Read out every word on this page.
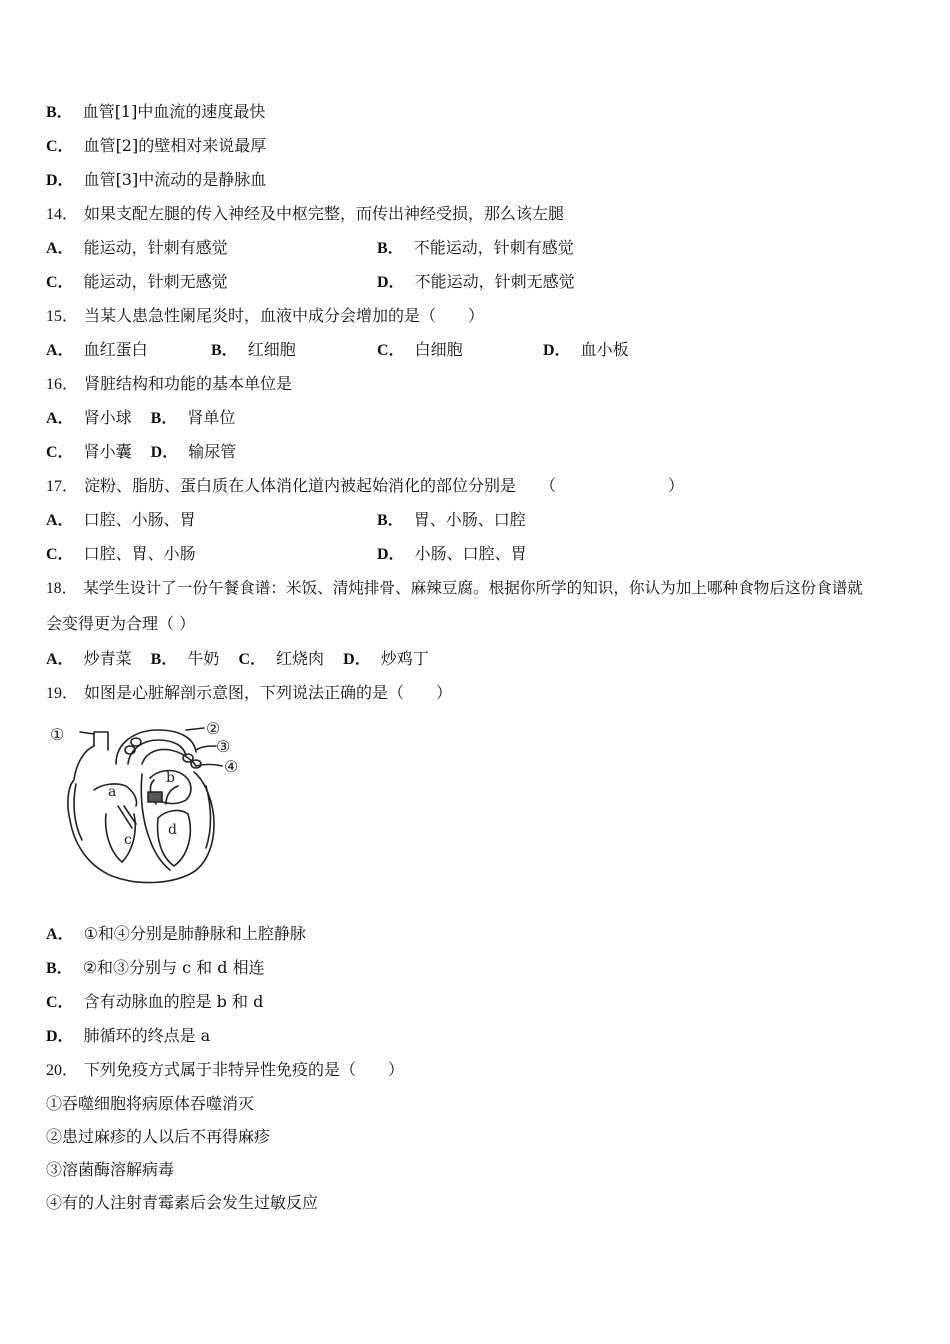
B． 血管[1]中血流的速度最快
C． 血管[2]的壁相对来说最厚
D． 血管[3]中流动的是静脉血
14． 如果支配左腿的传入神经及中枢完整，而传出神经受损，那么该左腿
A． 能运动，针刺有感觉	B． 不能运动，针刺有感觉
C． 能运动，针刺无感觉	D． 不能运动，针刺无感觉
15． 当某人患急性阑尾炎时，血液中成分会增加的是（　　）
A． 血红蛋白	B． 红细胞	C． 白细胞	D． 血小板
16． 肾脏结构和功能的基本单位是
A． 肾小球 B． 肾单位
C． 肾小囊 D． 输尿管
17． 淀粉、脂肪、蛋白质在人体消化道内被起始消化的部位分别是　　（　　　　　　　）
A． 口腔、小肠、胃	B． 胃、小肠、口腔
C． 口腔、胃、小肠	D． 小肠、口腔、胃
18． 某学生设计了一份午餐食谱：米饭、清炖排骨、麻辣豆腐。根据你所学的知识，你认为加上哪种食物后这份食谱就
会变得更为合理（ ）
A． 炒青菜 B． 牛奶 C． 红烧肉 D． 炒鸡丁
19． 如图是心脏解剖示意图，下列说法正确的是（　　）
①	②
③
④
a
b
c
d
A． ①和④分别是肺静脉和上腔静脉
B． ②和③分别与 c 和 d 相连
C． 含有动脉血的腔是 b 和 d
D． 肺循环的终点是 a
20． 下列免疫方式属于非特异性免疫的是（　　）
①吞噬细胞将病原体吞噬消灭
②患过麻疹的人以后不再得麻疹
③溶菌酶溶解病毒
④有的人注射青霉素后会发生过敏反应
